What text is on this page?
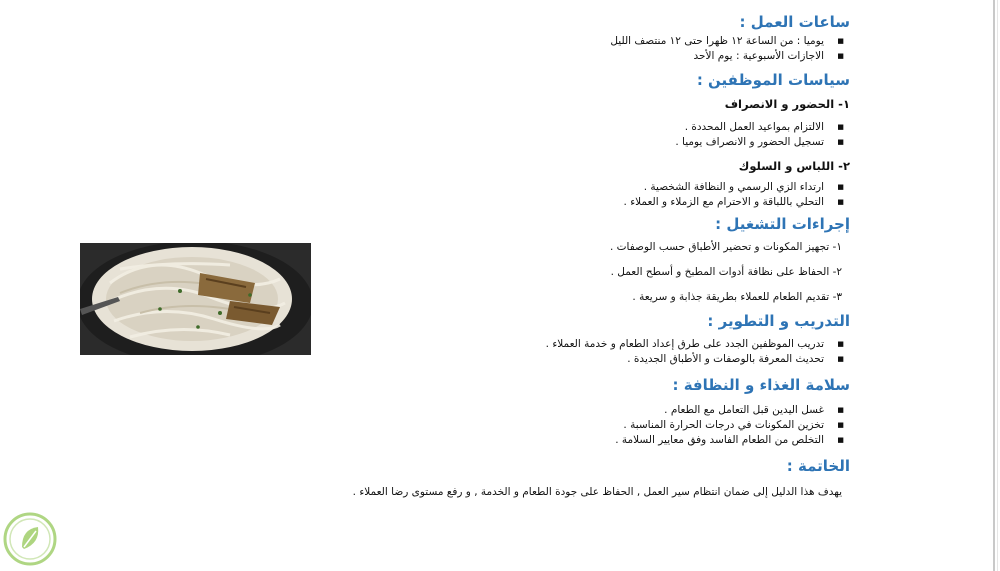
ساعات العمل :

■ يوميا : من الساعة ١٢ ظهرا حتى ١٢ منتصف الليل
■ الاجازات الأسبوعية : يوم الأحد

سياسات الموظفين :

١- الحضور و الانصراف

■ الالتزام بمواعيد العمل المحددة .
■ تسجيل الحضور و الانصراف يوميا .

٢- اللباس و السلوك

■ ارتداء الزي الرسمي و النظافة الشخصية .
■ التحلي باللباقة و الاحترام مع الزملاء و العملاء .

إجراءات التشغيل :

١- تجهيز المكونات و تحضير الأطباق حسب الوصفات .

٢- الحفاظ على نظافة أدوات المطبخ و أسطح العمل .

٣- تقديم الطعام للعملاء بطريقة جذابة و سريعة .

التدريب و التطوير :

■ تدريب الموظفين الجدد على طرق إعداد الطعام و خدمة العملاء .
■ تحديث المعرفة بالوصفات و الأطباق الجديدة .

سلامة الغذاء و النظافة :

■ غسل اليدين قبل التعامل مع الطعام .
■ تخزين المكونات في درجات الحرارة المناسبة .
■ التخلص من الطعام الفاسد وفق معايير السلامة .

الخاتمة :

يهدف هذا الدليل إلى ضمان انتظام سير العمل , الحفاظ على جودة الطعام و الخدمة , و رفع مستوى رضا العملاء .
